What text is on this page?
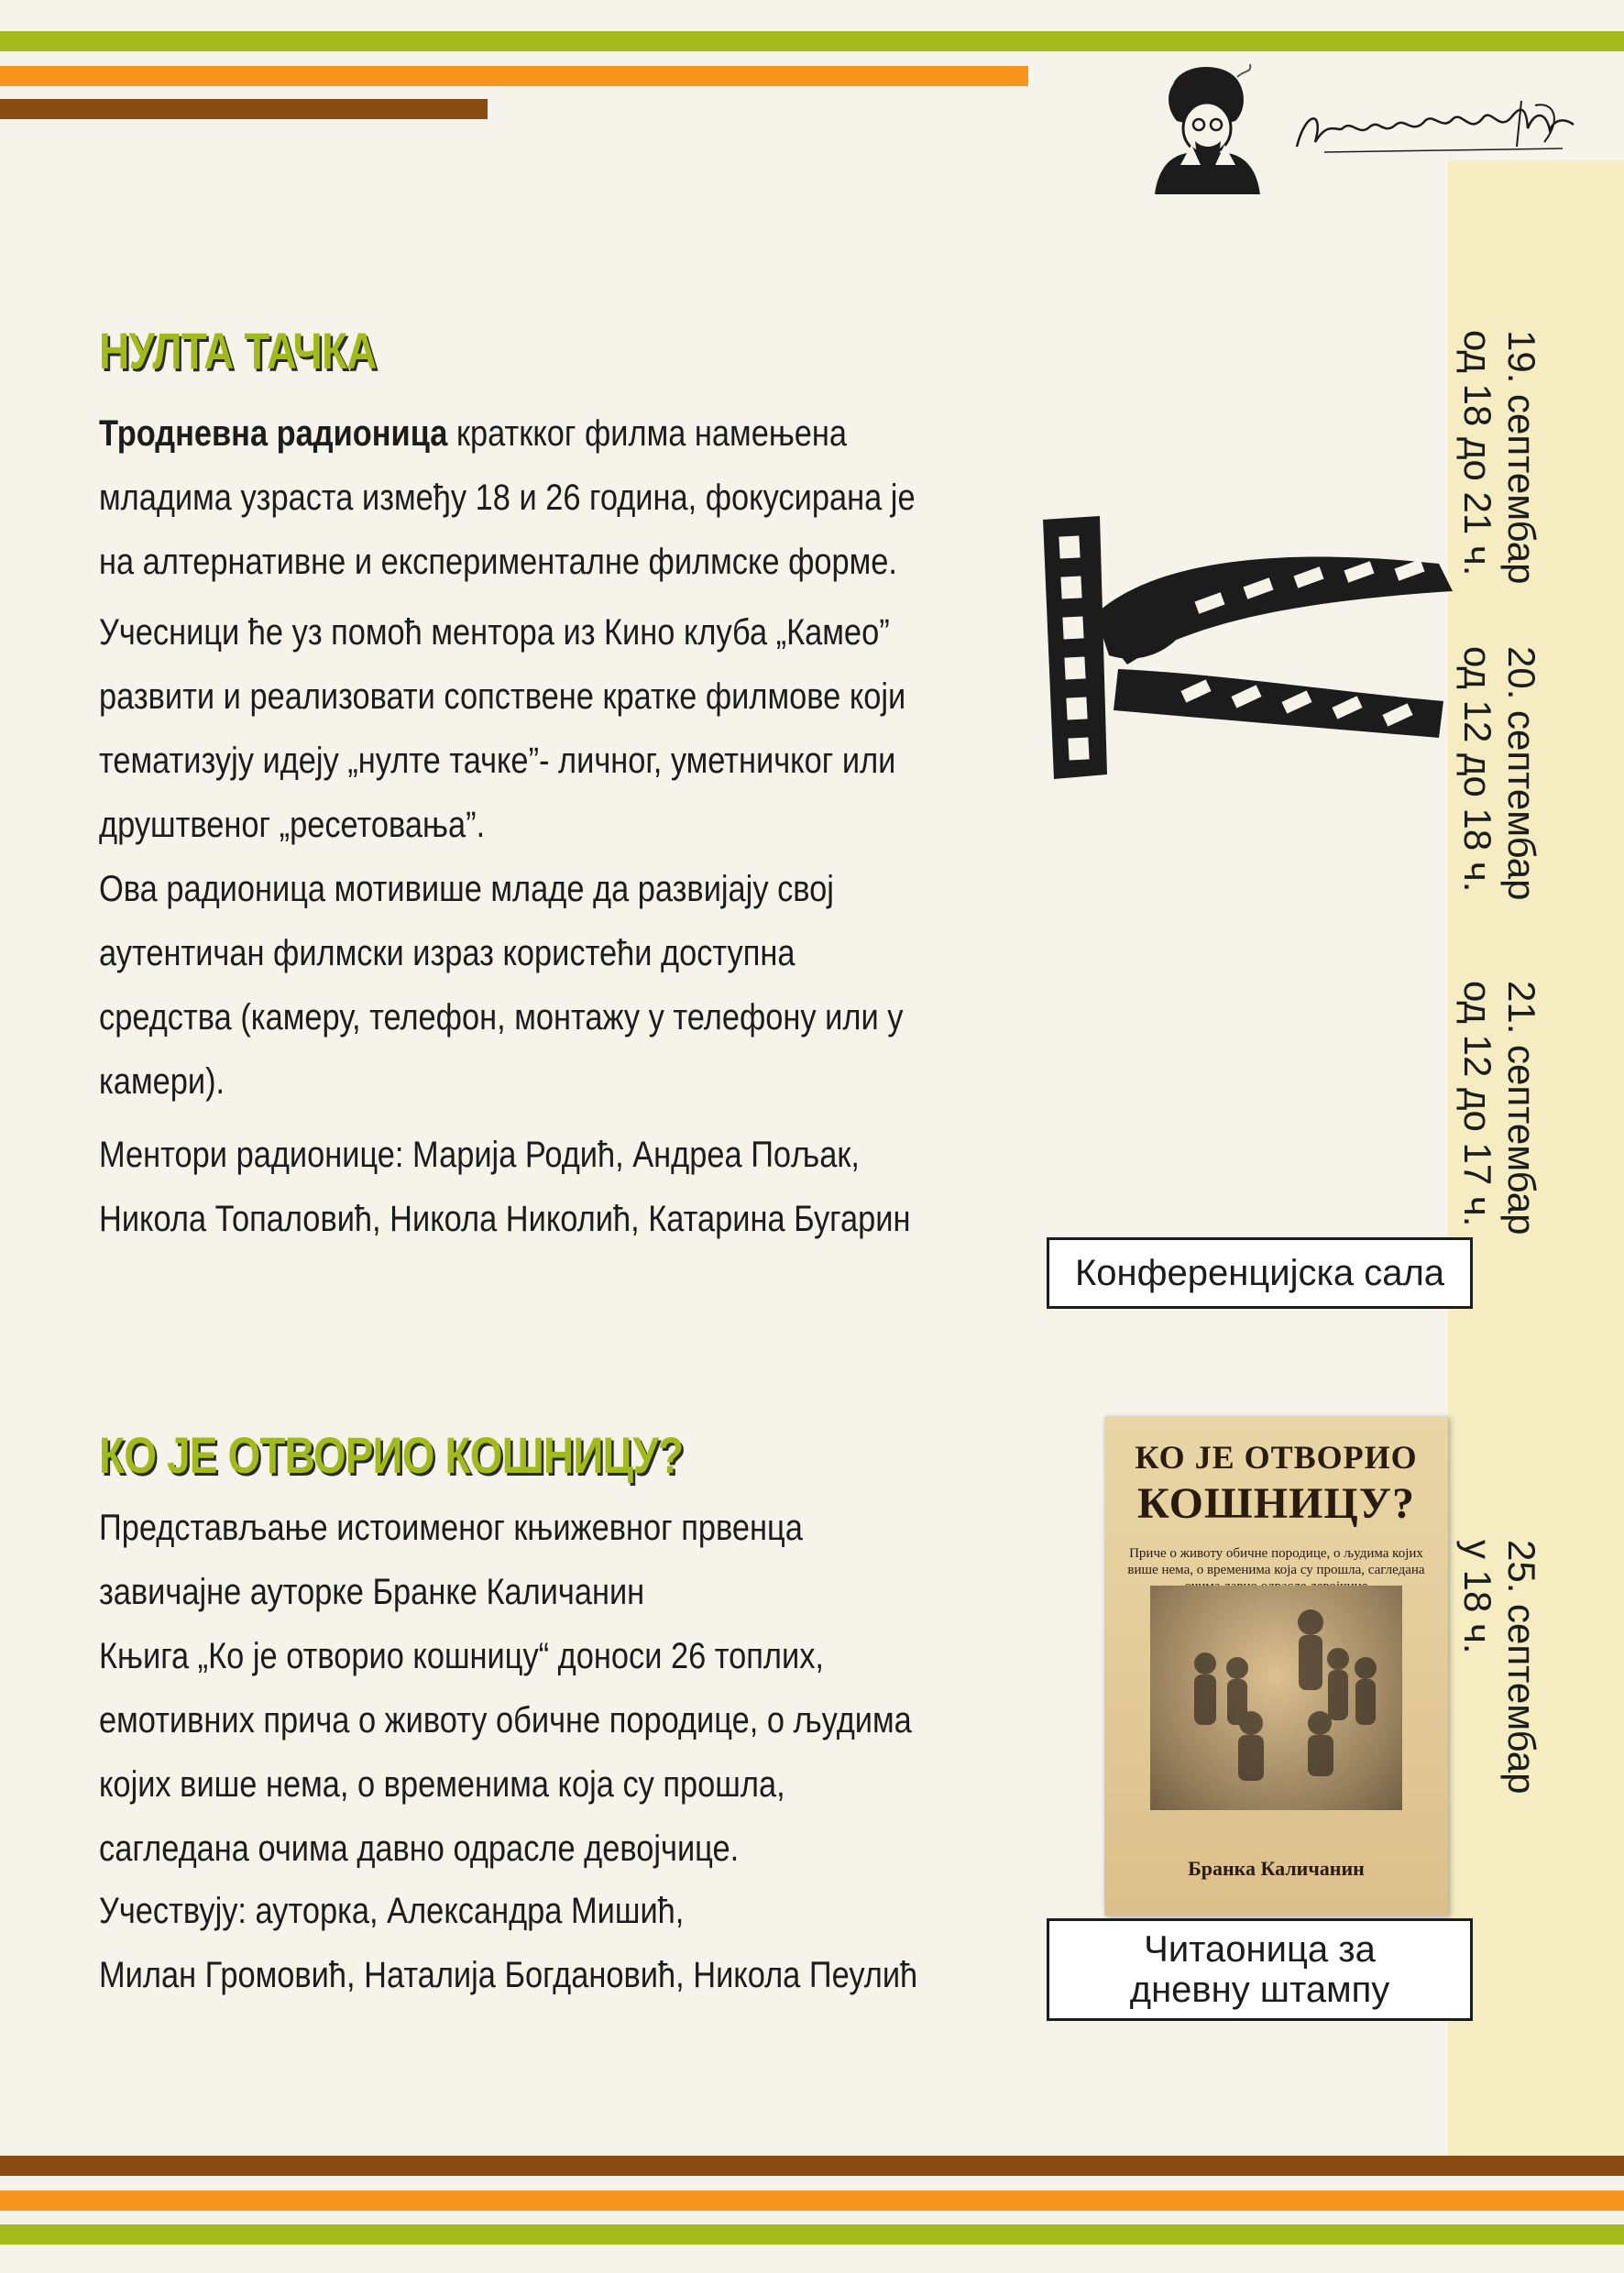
НУЛТА ТАЧКА

Тродневна радионица краткког филма намењена
младима узраста између 18 и 26 година, фокусирана је
на алтернативне и експерименталне филмске форме.

Учесници ће уз помоћ ментора из Кино клуба „Камео”
развити и реализовати сопствене кратке филмове који
тематизују идеју „нулте тачке”- личног, уметничког или
друштвеног „ресетовања”.

Ова радионица мотивише младе да развијају свој
аутентичан филмски израз користећи доступна
средства (камеру, телефон, монтажу у телефону или у
камери).

Ментори радионице: Марија Родић, Андреа Пољак,
Никола Топаловић, Никола Николић, Катарина Бугарин

19. септембар
од 18 до 21 ч.
20. септембар
од 12 до 18 ч.
21. септембар
од 12 до 17 ч.
Конференцијска сала
КО ЈЕ ОТВОРИО КОШНИЦУ?

Представљање истоименог књижевног првенца
завичајне ауторке Бранке Каличанин
Књига „Ко је отворио кошницу“ доноси 26 топлих,
емотивних прича о животу обичне породице, о људима
којих више нема, о временима која су прошла,
сагледана очима давно одрасле девојчице.

Учествују: ауторка, Александра Мишић,
Милан Громовић, Наталија Богдановић, Никола Пеулић

КО ЈЕ ОТВОРИО
КОШНИЦУ?
Приче о животу обичне породице, о људима којих више нема, о временима која су прошла, сагледана
Бранка Каличанин
25. септембар
у 18 ч.
Читаоница за дневну штампу
